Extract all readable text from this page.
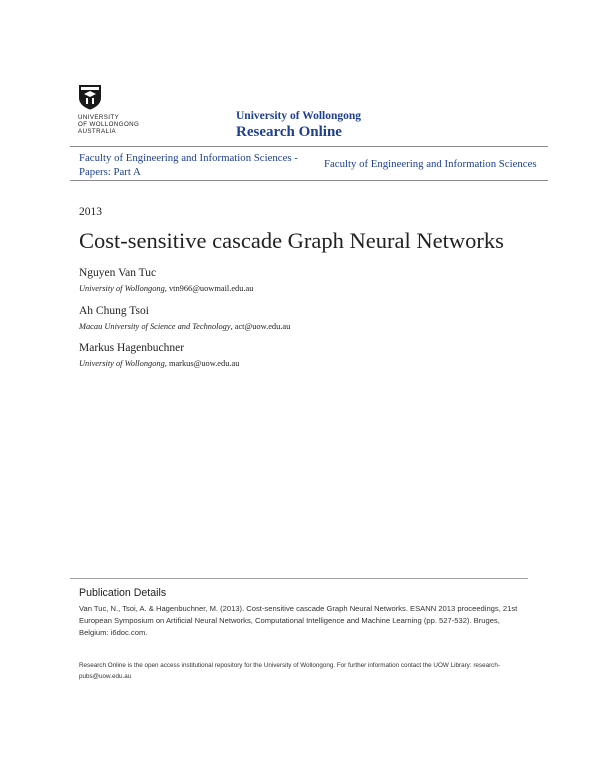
UNIVERSITY
OF WOLLONGONG
AUSTRALIA
University of Wollongong
Research Online
Faculty of Engineering and Information Sciences - Papers: Part A
Faculty of Engineering and Information Sciences
2013
Cost-sensitive cascade Graph Neural Networks
Nguyen Van Tuc
University of Wollongong, vtn966@uowmail.edu.au
Ah Chung Tsoi
Macau University of Science and Technology, act@uow.edu.au
Markus Hagenbuchner
University of Wollongong, markus@uow.edu.au
Publication Details
Van Tuc, N., Tsoi, A. & Hagenbuchner, M. (2013). Cost-sensitive cascade Graph Neural Networks. ESANN 2013 proceedings, 21st European Symposium on Artificial Neural Networks, Computational Intelligence and Machine Learning (pp. 527-532). Bruges, Belgium: i6doc.com.
Research Online is the open access institutional repository for the University of Wollongong. For further information contact the UOW Library: research-pubs@uow.edu.au
